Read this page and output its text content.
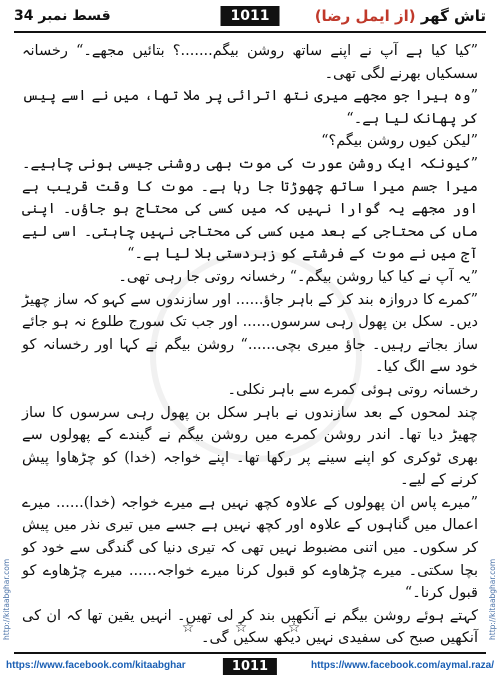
قسط نمبر 34	1011	تاش گھر (از ایمل رضا)
http://kitaabghar.com	http://kitaabghar.com

”کیا کیا ہے آپ نے اپنے ساتھ روشن بیگم.......؟ بتائیں مجھے۔“ رخسانہ سسکیاں بھرنے لگی تھی۔

”وہ ہیرا جو مجھے میری نتھ اترائی پر ملا تھا، میں نے اسے پیس کر پھانک لیا ہے۔“

”لیکن کیوں روشن بیگم؟“

”کیونکہ ایک روشن عورت کی موت بھی روشنی جیسی ہونی چاہیے۔ میرا جسم میرا ساتھ چھوڑتا جا رہا ہے۔ موت کا وقت قریب ہے اور مجھے یہ گوارا نہیں کہ میں کسی کی محتاج ہو جاؤں۔ اپنی ماں کی محتاجی کے بعد میں کسی کی محتاجی نہیں چاہتی۔ اسی لیے آج میں نے موت کے فرشتے کو زبردستی بلا لیا ہے۔“

”یہ آپ نے کیا کیا روشن بیگم۔“ رخسانہ روتی جا رہی تھی۔

”کمرے کا دروازہ بند کر کے باہر جاؤ...... اور سازندوں سے کہو کہ ساز چھیڑ دیں۔ سکل بن پھول رہی سرسوں...... اور جب تک سورج طلوع نہ ہو جائے ساز بجاتے رہیں۔ جاؤ میری بچی......“ روشن بیگم نے کہا اور رخسانہ کو خود سے الگ کیا۔

رخسانہ روتی ہوئی کمرے سے باہر نکلی۔

چند لمحوں کے بعد سازندوں نے باہر سکل بن پھول رہی سرسوں کا ساز چھیڑ دیا تھا۔ اندر روشن کمرے میں روشن بیگم نے گیندے کے پھولوں سے بھری ٹوکری کو اپنے سینے پر رکھا تھا۔ اپنے خواجہ (خدا) کو چڑھاوا پیش کرنے کے لیے۔

”میرے پاس ان پھولوں کے علاوہ کچھ نہیں ہے میرے خواجہ (خدا)...... میرے اعمال میں گناہوں کے علاوہ اور کچھ نہیں ہے جسے میں تیری نذر میں پیش کر سکوں۔ میں اتنی مضبوط نہیں تھی کہ تیری دنیا کی گندگی سے خود کو بچا سکتی۔ میرے چڑھاوے کو قبول کرنا میرے خواجہ...... میرے چڑھاوے کو قبول کرنا۔“

کہتے ہوئے روشن بیگم نے آنکھیں بند کر لی تھیں۔ انہیں یقین تھا کہ ان کی آنکھیں صبح کی سفیدی نہیں دیکھ سکیں گی۔

☆ ☆ ☆
https://www.facebook.com/kitaabghar	1011	https://www.facebook.com/aymal.raza/
